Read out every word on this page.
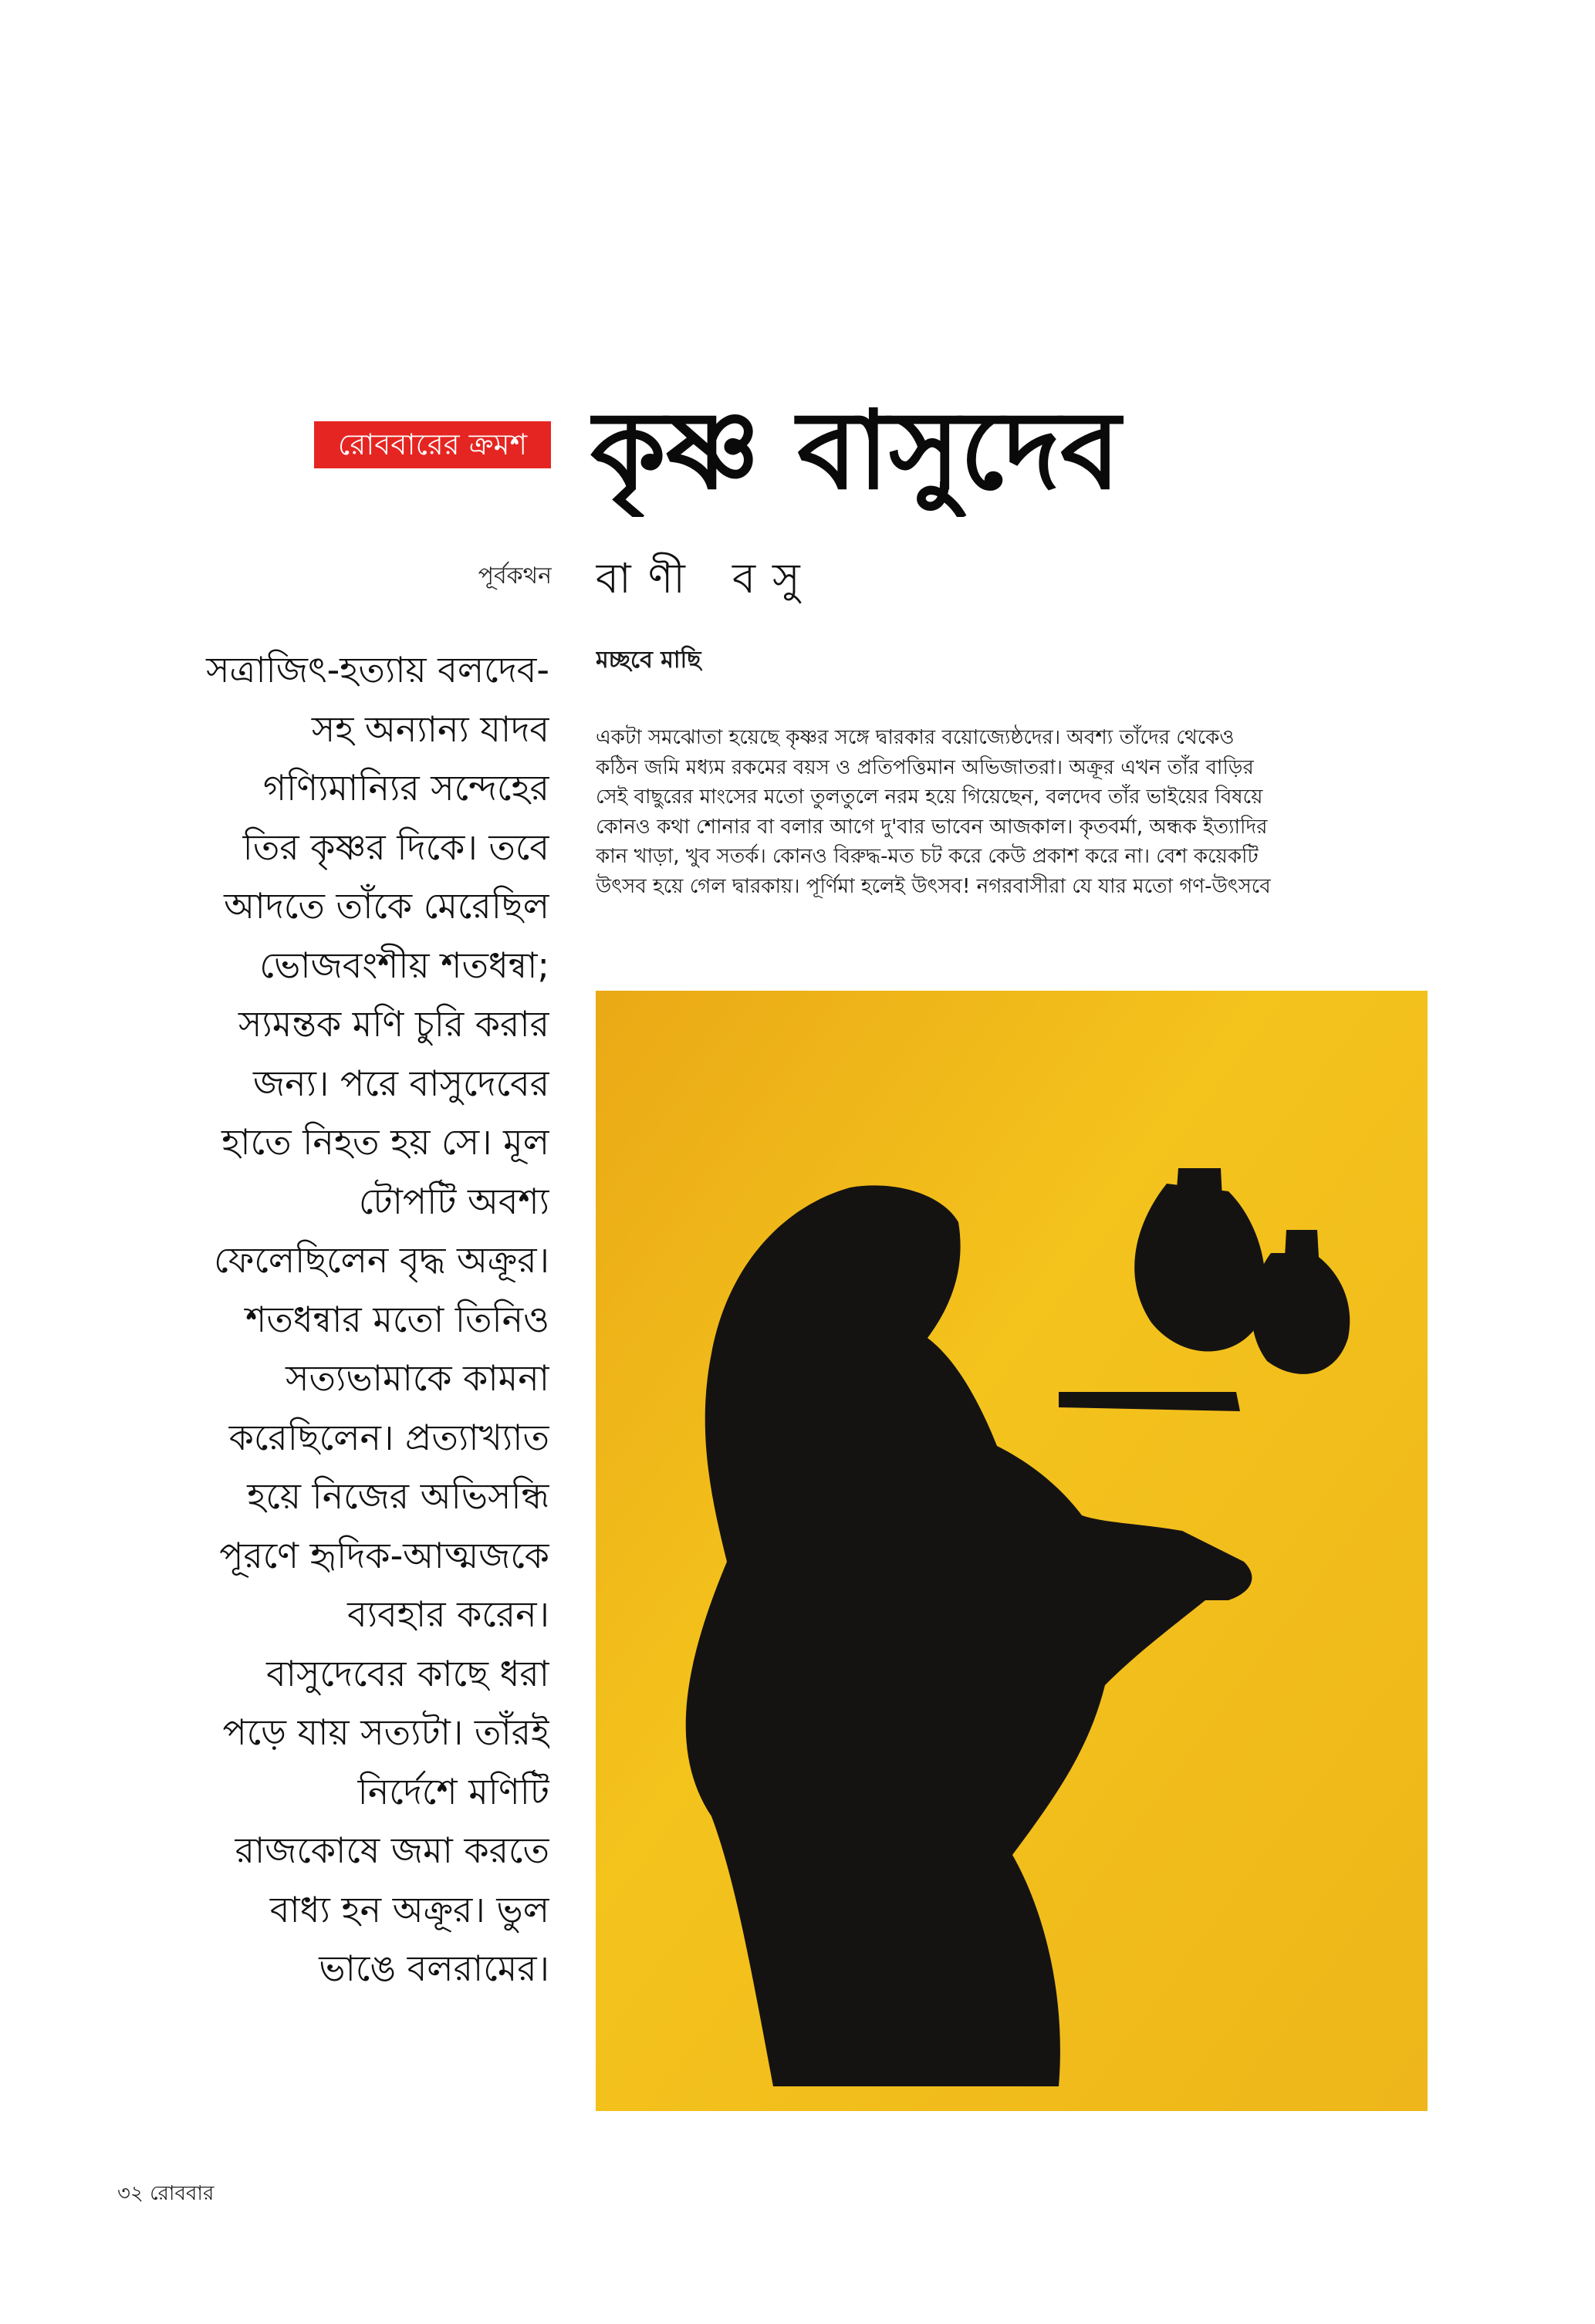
রোববারের ক্রমশ কৃষ্ণ বাসুদেব
পূর্বকথন বাণী বসু
সত্রাজিৎ-হত্যায় বলদেব-
সহ অন্যান্য যাদব
গণ্যিমান্যির সন্দেহের
তির কৃষ্ণর দিকে। তবে
আদতে তাঁকে মেরেছিল
ভোজবংশীয় শতধন্বা;
স্যমন্তক মণি চুরি করার
জন্য। পরে বাসুদেবের
হাতে নিহত হয় সে। মূল
টোপটি অবশ্য
ফেলেছিলেন বৃদ্ধ অক্রূর।
শতধন্বার মতো তিনিও
সত্যভামাকে কামনা
করেছিলেন। প্রত্যাখ্যাত
হয়ে নিজের অভিসন্ধি
পূরণে হৃদিক-আত্মজকে
ব্যবহার করেন।
বাসুদেবের কাছে ধরা
পড়ে যায় সত্যটা। তাঁরই
নির্দেশে মণিটি
রাজকোষে জমা করতে
বাধ্য হন অক্রূর। ভুল
ভাঙে বলরামের।
মচ্ছবে মাছি
একটা সমঝোতা হয়েছে কৃষ্ণর সঙ্গে দ্বারকার বয়োজ্যেষ্ঠদের। অবশ্য তাঁদের থেকেও
কঠিন জমি মধ্যম রকমের বয়স ও প্রতিপত্তিমান অভিজাতরা। অক্রূর এখন তাঁর বাড়ির
সেই বাছুরের মাংসের মতো তুলতুলে নরম হয়ে গিয়েছেন, বলদেব তাঁর ভাইয়ের বিষয়ে
কোনও কথা শোনার বা বলার আগে দু'বার ভাবেন আজকাল। কৃতবর্মা, অন্ধক ইত্যাদির
কান খাড়া, খুব সতর্ক। কোনও বিরুদ্ধ-মত চট করে কেউ প্রকাশ করে না। বেশ কয়েকটি
উৎসব হয়ে গেল দ্বারকায়। পূর্ণিমা হলেই উৎসব! নগরবাসীরা যে যার মতো গণ-উৎসবে
৩২ রোববার
